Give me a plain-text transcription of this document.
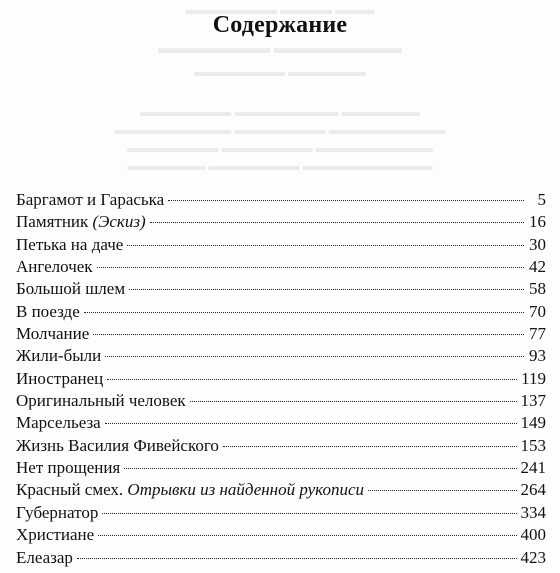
▬▬▬ ▬▬▬▬ ▬▬▬▬▬▬▬
▬▬▬▬▬▬▬▬ ▬▬▬▬▬▬▬
▬▬▬▬▬▬ ▬▬▬▬▬▬▬
▬▬▬▬▬▬ ▬▬▬▬▬▬▬▬ ▬▬▬▬▬▬▬
▬▬▬▬▬▬▬▬▬ ▬▬▬▬▬▬▬ ▬▬▬▬▬▬▬▬▬
▬▬▬▬▬▬▬▬▬ ▬▬▬▬▬▬▬ ▬▬▬▬▬▬▬
▬▬▬▬▬▬▬▬▬▬ ▬▬▬▬▬▬▬ ▬▬▬▬▬▬
Содержание
Баргамот и Гараська	5
Памятник (Эскиз)	16
Петька на даче	30
Ангелочек	42
Большой шлем	58
В поезде	70
Молчание	77
Жили-были	93
Иностранец	119
Оригинальный человек	137
Марсельеза	149
Жизнь Василия Фивейского	153
Нет прощения	241
Красный смех. Отрывки из найденной рукописи	264
Губернатор	334
Христиане	400
Елеазар	423
